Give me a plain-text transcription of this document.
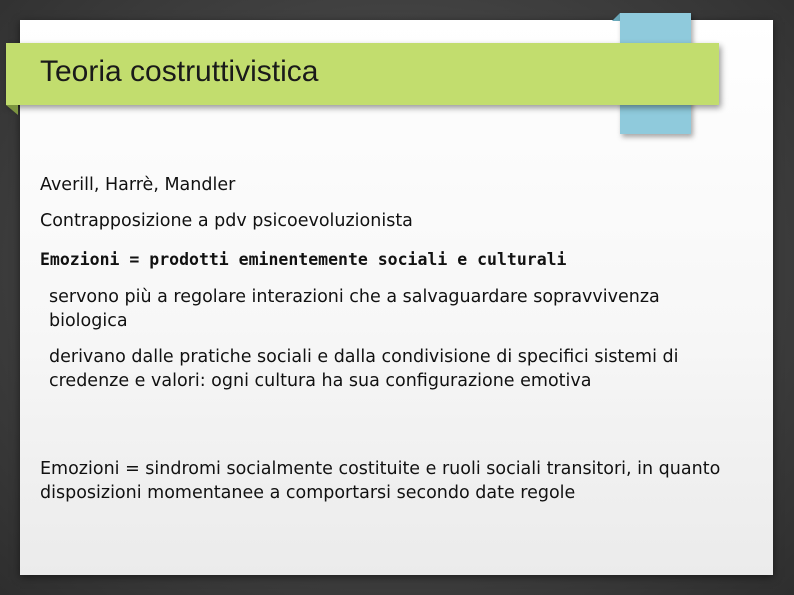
Teoria costruttivistica

Averill, Harrè, Mandler

Contrapposizione a pdv psicoevoluzionista

Emozioni = prodotti eminentemente sociali e culturali

servono più a regolare interazioni che a salvaguardare sopravvivenza biologica

derivano dalle pratiche sociali e dalla condivisione di specifici sistemi di credenze e valori: ogni cultura ha sua configurazione emotiva

Emozioni = sindromi socialmente costituite e ruoli sociali transitori, in quanto disposizioni momentanee a comportarsi secondo date regole
